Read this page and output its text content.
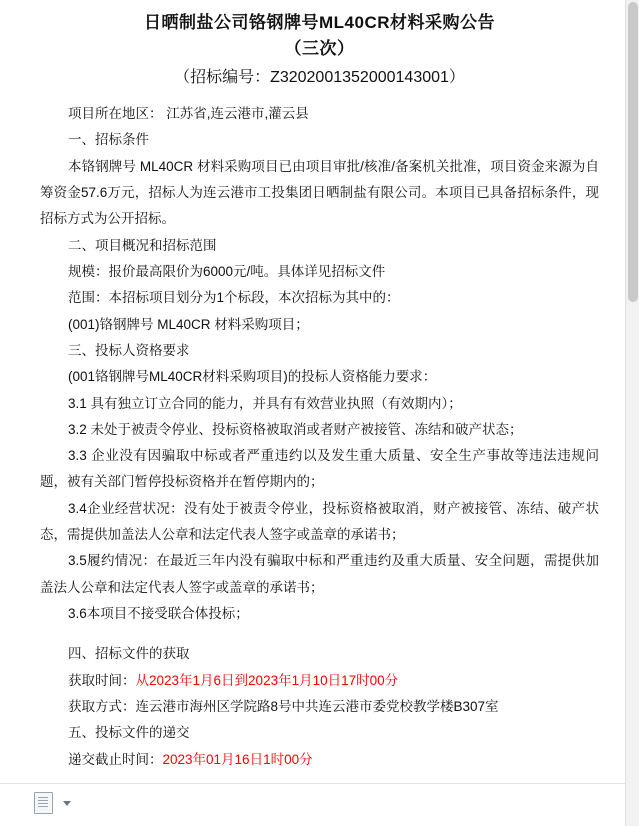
日晒制盐公司铬钢牌号ML40CR材料采购公告
（三次）
（招标编号：Z3202001352000143001）

项目所在地区： 江苏省,连云港市,灌云县

一、招标条件

本铬钢牌号 ML40CR 材料采购项目已由项目审批/核准/备案机关批准，项目资金来源为自筹资金57.6万元，招标人为连云港市工投集团日晒制盐有限公司。本项目已具备招标条件，现招标方式为公开招标。

二、项目概况和招标范围

规模：报价最高限价为6000元/吨。具体详见招标文件

范围：本招标项目划分为1个标段，本次招标为其中的：

(001)铬钢牌号 ML40CR 材料采购项目；

三、投标人资格要求

(001铬钢牌号ML40CR材料采购项目)的投标人资格能力要求：

3.1 具有独立订立合同的能力，并具有有效营业执照（有效期内）；

3.2 未处于被责令停业、投标资格被取消或者财产被接管、冻结和破产状态；

3.3 企业没有因骗取中标或者严重违约以及发生重大质量、安全生产事故等违法违规问题，被有关部门暂停投标资格并在暂停期内的；

3.4企业经营状况：没有处于被责令停业，投标资格被取消，财产被接管、冻结、破产状态，需提供加盖法人公章和法定代表人签字或盖章的承诺书；

3.5履约情况：在最近三年内没有骗取中标和严重违约及重大质量、安全问题，需提供加盖法人公章和法定代表人签字或盖章的承诺书；

3.6本项目不接受联合体投标；

四、招标文件的获取

获取时间：从2023年1月6日到2023年1月10日17时00分

获取方式：连云港市海州区学院路8号中共连云港市委党校教学楼B307室

五、投标文件的递交

递交截止时间：2023年01月16日1时00分
